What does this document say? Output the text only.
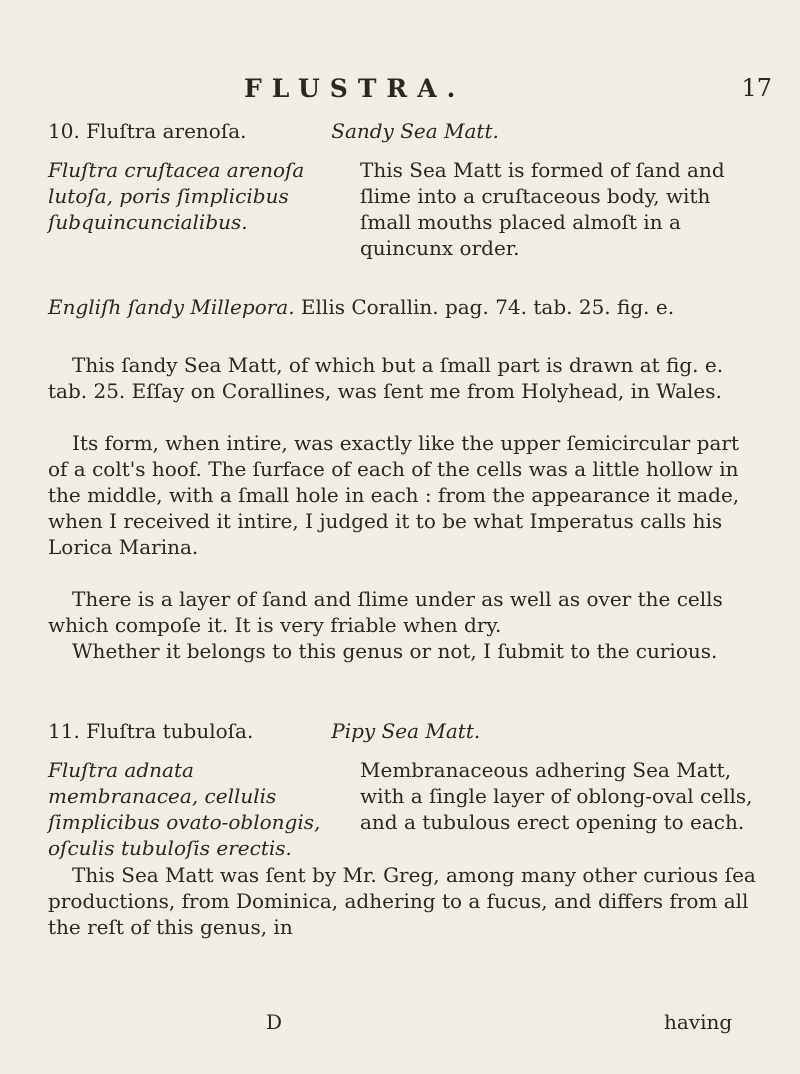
FLUSTRA.	17
10. Fluſtra arenoſa.	Sandy Sea Matt.
Fluſtra cruſtacea arenoſa lutoſa, poris ſimplicibus ſubquincuncialibus.
This Sea Matt is formed of ſand and ſlime into a cruſtaceous body, with ſmall mouths placed almoſt in a quincunx order.
Engliſh ſandy Millepora. Ellis Corallin. pag. 74. tab. 25. fig. e.
This ſandy Sea Matt, of which but a ſmall part is drawn at fig. e. tab. 25. Eſſay on Corallines, was ſent me from Holyhead, in Wales.
Its form, when intire, was exactly like the upper ſemicircular part of a colt's hoof. The ſurface of each of the cells was a little hollow in the middle, with a ſmall hole in each : from the appearance it made, when I received it intire, I judged it to be what Imperatus calls his Lorica Marina.
There is a layer of ſand and ſlime under as well as over the cells which compoſe it. It is very friable when dry.
Whether it belongs to this genus or not, I ſubmit to the curious.
11. Fluſtra tubuloſa.	Pipy Sea Matt.
Fluſtra adnata membranacea, cellulis ſimplicibus ovato-oblongis, oſculis tubuloſis erectis.
Membranaceous adhering Sea Matt, with a ſingle layer of oblong-oval cells, and a tubulous erect opening to each.
This Sea Matt was ſent by Mr. Greg, among many other curious ſea productions, from Dominica, adhering to a fucus, and differs from all the reſt of this genus, in
D	having
